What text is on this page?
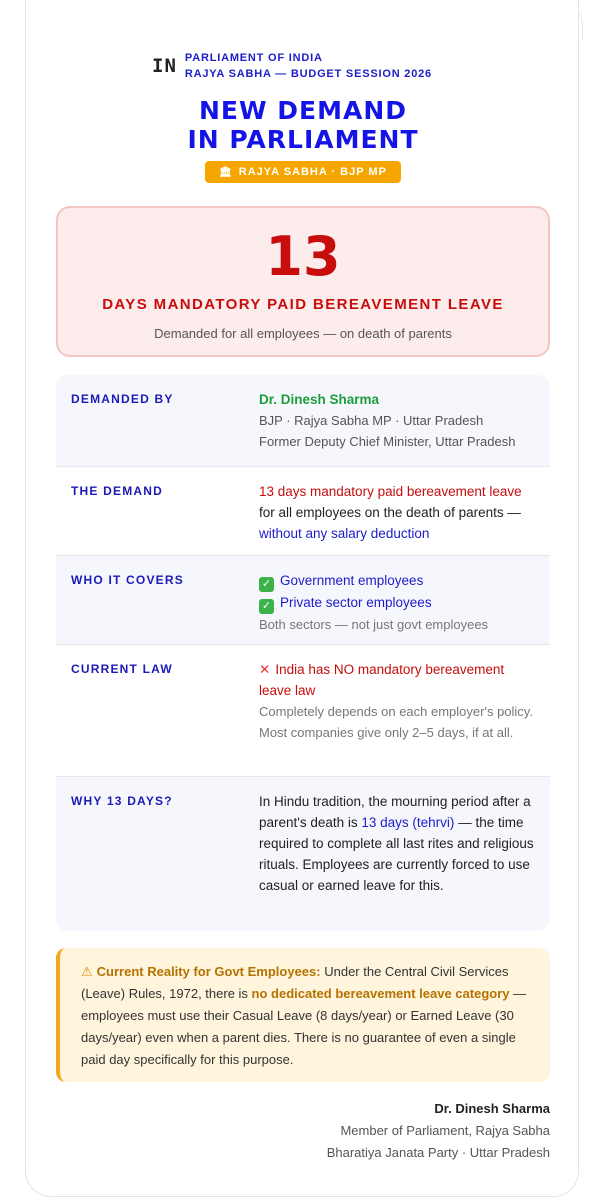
IN PARLIAMENT OF INDIA
RAJYA SABHA — BUDGET SESSION 2026
NEW DEMAND
IN PARLIAMENT
🏛 RAJYA SABHA · BJP MP
13
DAYS MANDATORY PAID BEREAVEMENT LEAVE
Demanded for all employees — on death of parents
DEMANDED BY	Dr. Dinesh Sharma
BJP · Rajya Sabha MP · Uttar Pradesh
Former Deputy Chief Minister, Uttar Pradesh
THE DEMAND	13 days mandatory paid bereavement leave for all employees on the death of parents — without any salary deduction
WHO IT COVERS	✓ Government employees
✓ Private sector employees
Both sectors — not just govt employees
CURRENT LAW	✕ India has NO mandatory bereavement leave law
Completely depends on each employer's policy. Most companies give only 2–5 days, if at all.
WHY 13 DAYS?	In Hindu tradition, the mourning period after a parent's death is 13 days (tehrvi) — the time required to complete all last rites and religious rituals. Employees are currently forced to use casual or earned leave for this.
⚠ Current Reality for Govt Employees: Under the Central Civil Services (Leave) Rules, 1972, there is no dedicated bereavement leave category — employees must use their Casual Leave (8 days/year) or Earned Leave (30 days/year) even when a parent dies. There is no guarantee of even a single paid day specifically for this purpose.
Dr. Dinesh Sharma
Member of Parliament, Rajya Sabha
Bharatiya Janata Party · Uttar Pradesh
